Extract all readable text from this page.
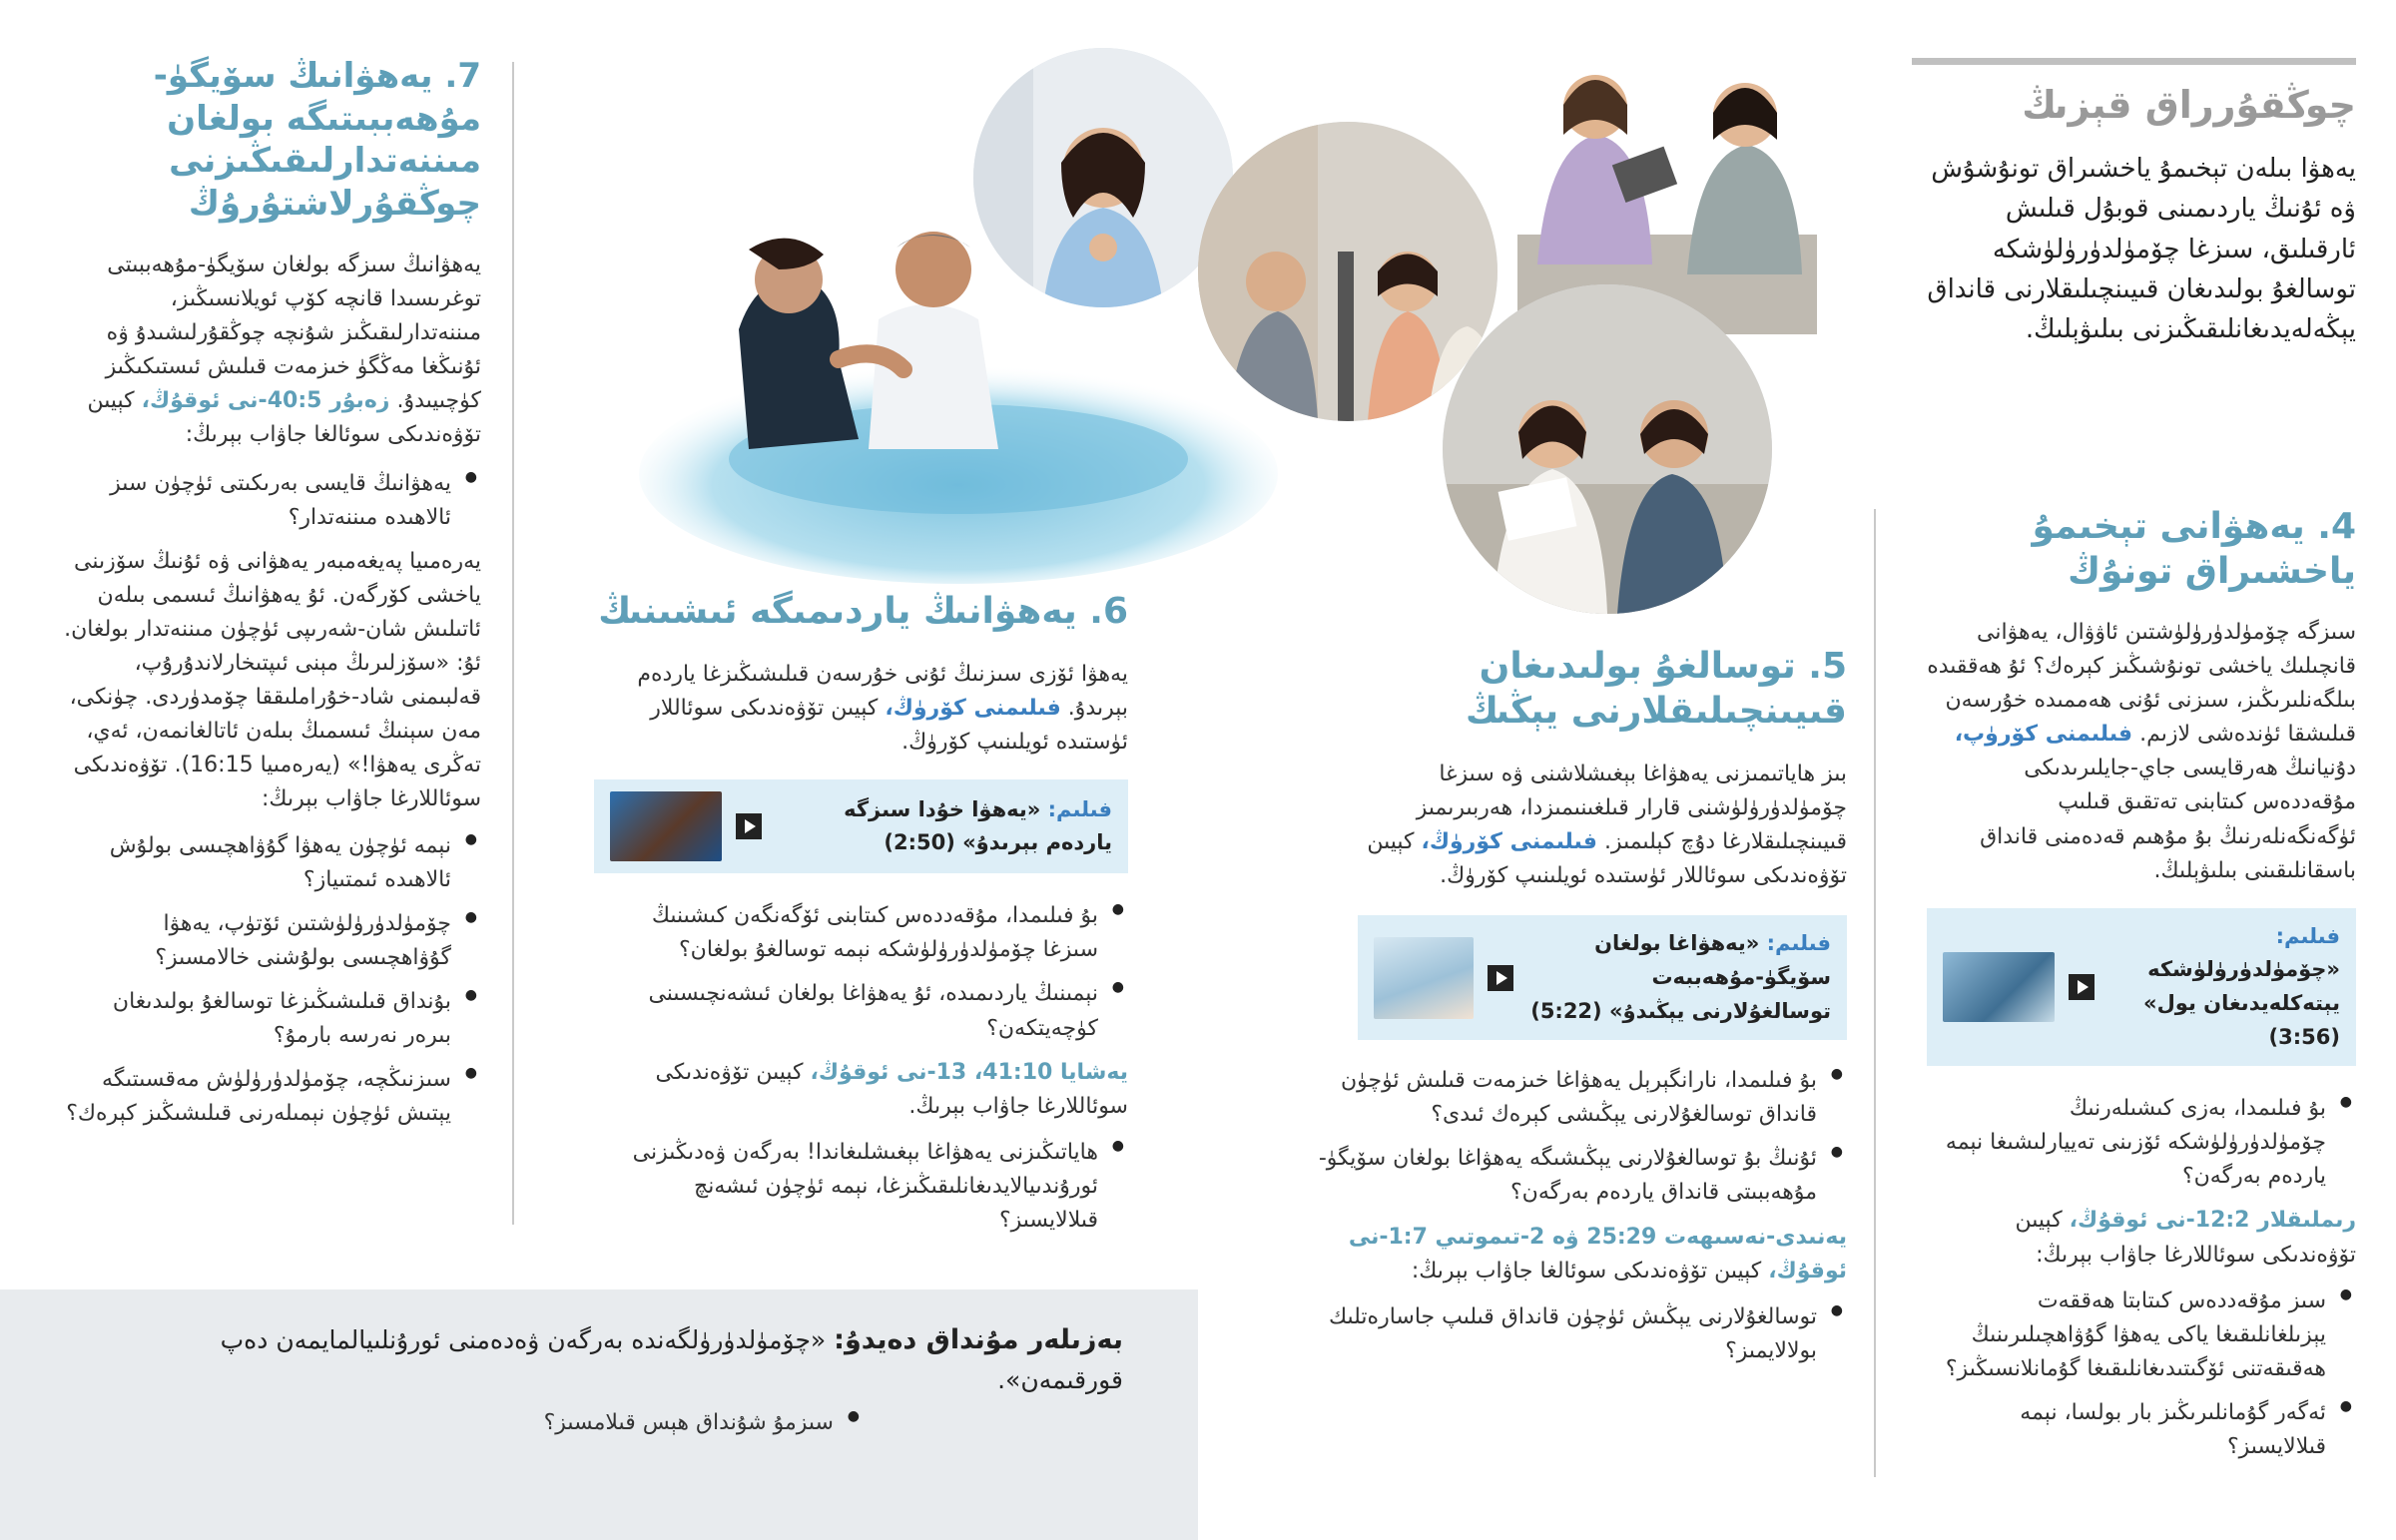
چوڭقۇرراق قېزىڭ

يەھۋا بىلەن تېخىمۇ ياخشىراق تونۇشۇش ۋە ئۇنىڭ ياردىمىنى قوبۇل قىلىش ئارقىلىق، سىزغا چۆمۈلدۈرۈلۈشكە توسالغۇ بولىدىغان قىيىنچىلىقلارنى قانداق يېڭەلەيدىغانلىقىڭىزنى بىلىۋېلىڭ.

4. يەھۋانى تېخىمۇ ياخشىراق تونۇڭ

سىزگە چۆمۈلدۈرۈلۈشتىن ئاۋۋال، يەھۋانى قانچىلىك ياخشى تونۇشىڭىز كېرەك؟ ئۇ ھەققىدە بىلگەنلىرىڭىز، سىزنى ئۇنى ھەممىدە خۇرسەن قىلىشقا ئۈندەشى لازىم. فىلىمنى كۆرۈپ، دۇنيانىڭ ھەرقايسى جاي-جايلىرىدىكى مۇقەددەس كىتابنى تەتقىق قىلىپ ئۈگەنگەنلەرنىڭ بۇ مۇھىم قەدەمنى قانداق باسقانلىقىنى بىلىۋېلىڭ.

فىلىم: «چۆمۈلدۈرۈلۈشكە يېتەكلەيدىغان يول» (3:56)
● بۇ فىلىمدا، بەزى كىشىلەرنىڭ چۆمۈلدۈرۈلۈشكە ئۆزىنى تەييارلىشىغا نېمە ياردەم بەرگەن؟

رىملىقلار 12:2-نى ئوقۇڭ، كېيىن تۆۋەندىكى سوئاللارغا جاۋاب بېرىڭ:

● سىز مۇقەددەس كىتابتا ھەققەت يېزىلغانلىقىغا ياكى يەھۋا گۇۋاھچىلىرىنىڭ ھەقىقەتنى ئۆگىتىدىغانلىقىغا گۇمانلانسىڭىز؟
● ئەگەر گۇمانلىرىڭىز بار بولسا، نېمە قىلالايسىز؟
5. توسالغۇ بولىدىغان قىيىنچىلىقلارنى يېڭىڭ

بىز ھاياتىمىزنى يەھۋاغا بېغىشلاشنى ۋە سىزغا چۆمۈلدۈرۈلۈشنى قارار قىلغىنىمىزدا، ھەربىرىمىز قىيىنچىلىقلارغا دۇچ كېلىمىز. فىلىمنى كۆرۈڭ، كېيىن تۆۋەندىكى سوئاللار ئۈستىدە ئويلىنىپ كۆرۈڭ.

فىلىم: «يەھۋاغا بولغان سۆيگۈ-مۇھەببەت توسالغۇلارنى يېڭىدۇ» (5:22)
● بۇ فىلىمدا، نارانگېرېل يەھۋاغا خىزمەت قىلىش ئۈچۈن قانداق توسالغۇلارنى يېڭىشى كېرەك ئىدى؟
● ئۇنىڭ بۇ توسالغۇلارنى يېڭىشىگە يەھۋاغا بولغان سۆيگۈ-مۇھەببىتى قانداق ياردەم بەرگەن؟

يەنىدى-نەسىھەت 25:29 ۋە 2-تىموتىي 1:7-نى ئوقۇڭ، كېيىن تۆۋەندىكى سوئالغا جاۋاب بېرىڭ:

● توسالغۇلارنى يېڭىش ئۈچۈن قانداق قىلىپ جاسارەتلىك بولالايمىز؟
6. يەھۋانىڭ ياردىمىگە ئىشىنىڭ

يەھۋا ئۆزى سىزنىڭ ئۇنى خۇرسەن قىلىشىڭىزغا ياردەم بېرىدۇ. فىلىمنى كۆرۈڭ، كېيىن تۆۋەندىكى سوئاللار ئۈستىدە ئويلىنىپ كۆرۈڭ.

فىلىم: «يەھۋا خۇدا سىزگە ياردەم بېرىدۇ» (2:50)
● بۇ فىلىمدا، مۇقەددەس كىتابنى ئۆگەنگەن كىشىنىڭ سىزغا چۆمۈلدۈرۈلۈشكە نېمە توسالغۇ بولغان؟
● نېمىنىڭ ياردىمىدە، ئۇ يەھۋاغا بولغان ئىشەنچىسىنى كۈچەيتكەن؟

يەشايا 41:10، 13-نى ئوقۇڭ، كېيىن تۆۋەندىكى سوئاللارغا جاۋاب بېرىڭ.

● ھاياتىڭىزنى يەھۋاغا بېغىشلىغاندا! بەرگەن ۋەدىڭىزنى ئورۇندىيالايدىغانلىقىڭىزغا، نېمە ئۈچۈن ئىشەنچ قىلالايسىز؟
7. يەھۋانىڭ سۆيگۈ-مۇھەببىتىگە بولغان مىننەتدارلىقىڭىزنى چوڭقۇرلاشتۇرۇڭ

يەھۋانىڭ سىزگە بولغان سۆيگۈ-مۇھەببىتى توغرىسىدا قانچە كۆپ ئويلانسىڭىز، مىننەتدارلىقىڭىز شۇنچە چوڭقۇرلىشىدۇ ۋە ئۇنىڭغا مەڭگۈ خىزمەت قىلىش ئىستىكىڭىز كۈچىيىدۇ. زەبۇر 40:5-نى ئوقۇڭ، كېيىن تۆۋەندىكى سوئالغا جاۋاب بېرىڭ:

● يەھۋانىڭ قايسى بەرىكىتى ئۈچۈن سىز ئالاھىدە مىننەتدار؟

يەرەمىيا پەيغەمبەر يەھۋانى ۋە ئۇنىڭ سۆزىنى ياخشى كۆرگەن. ئۇ يەھۋانىڭ ئىسمى بىلەن ئاتىلىش شان-شەرىپى ئۈچۈن مىننەتدار بولغان. ئۇ: «سۆزلىرىڭ مېنى ئىپتىخارلاندۇرۇپ، قەلبىمنى شاد-خۇراملىققا چۆمدۈردى. چۈنكى، مەن سېنىڭ ئىسمىڭ بىلەن ئاتالغانمەن، ئەي، تەڭرى يەھۋا!» (يەرەمىيا 16:15). تۆۋەندىكى سوئاللارغا جاۋاب بېرىڭ:

● نېمە ئۈچۈن يەھۋا گۇۋاھچىسى بولۇش ئالاھىدە ئىمتىياز؟
● چۆمۈلدۈرۈلۈشتىن ئۆتۈپ، يەھۋا گۇۋاھچىسى بولۇشنى خالامسىز؟
● بۇنداق قىلىشىڭىزغا توسالغۇ بولىدىغان بىرەر نەرسە بارمۇ؟
● سىزنىڭچە، چۆمۈلدۈرۈلۈش مەقسىتىگە يېتىش ئۈچۈن نېمىلەرنى قىلىشىڭىز كېرەك؟

بەزىلەر مۇنداق دەيدۇ: «چۆمۈلدۈرۈلگەندە بەرگەن ۋەدەمنى ئورۇنلىيالمايمەن دەپ قورقىمەن».

● سىزمۇ شۇنداق ھېس قىلامسىز؟
